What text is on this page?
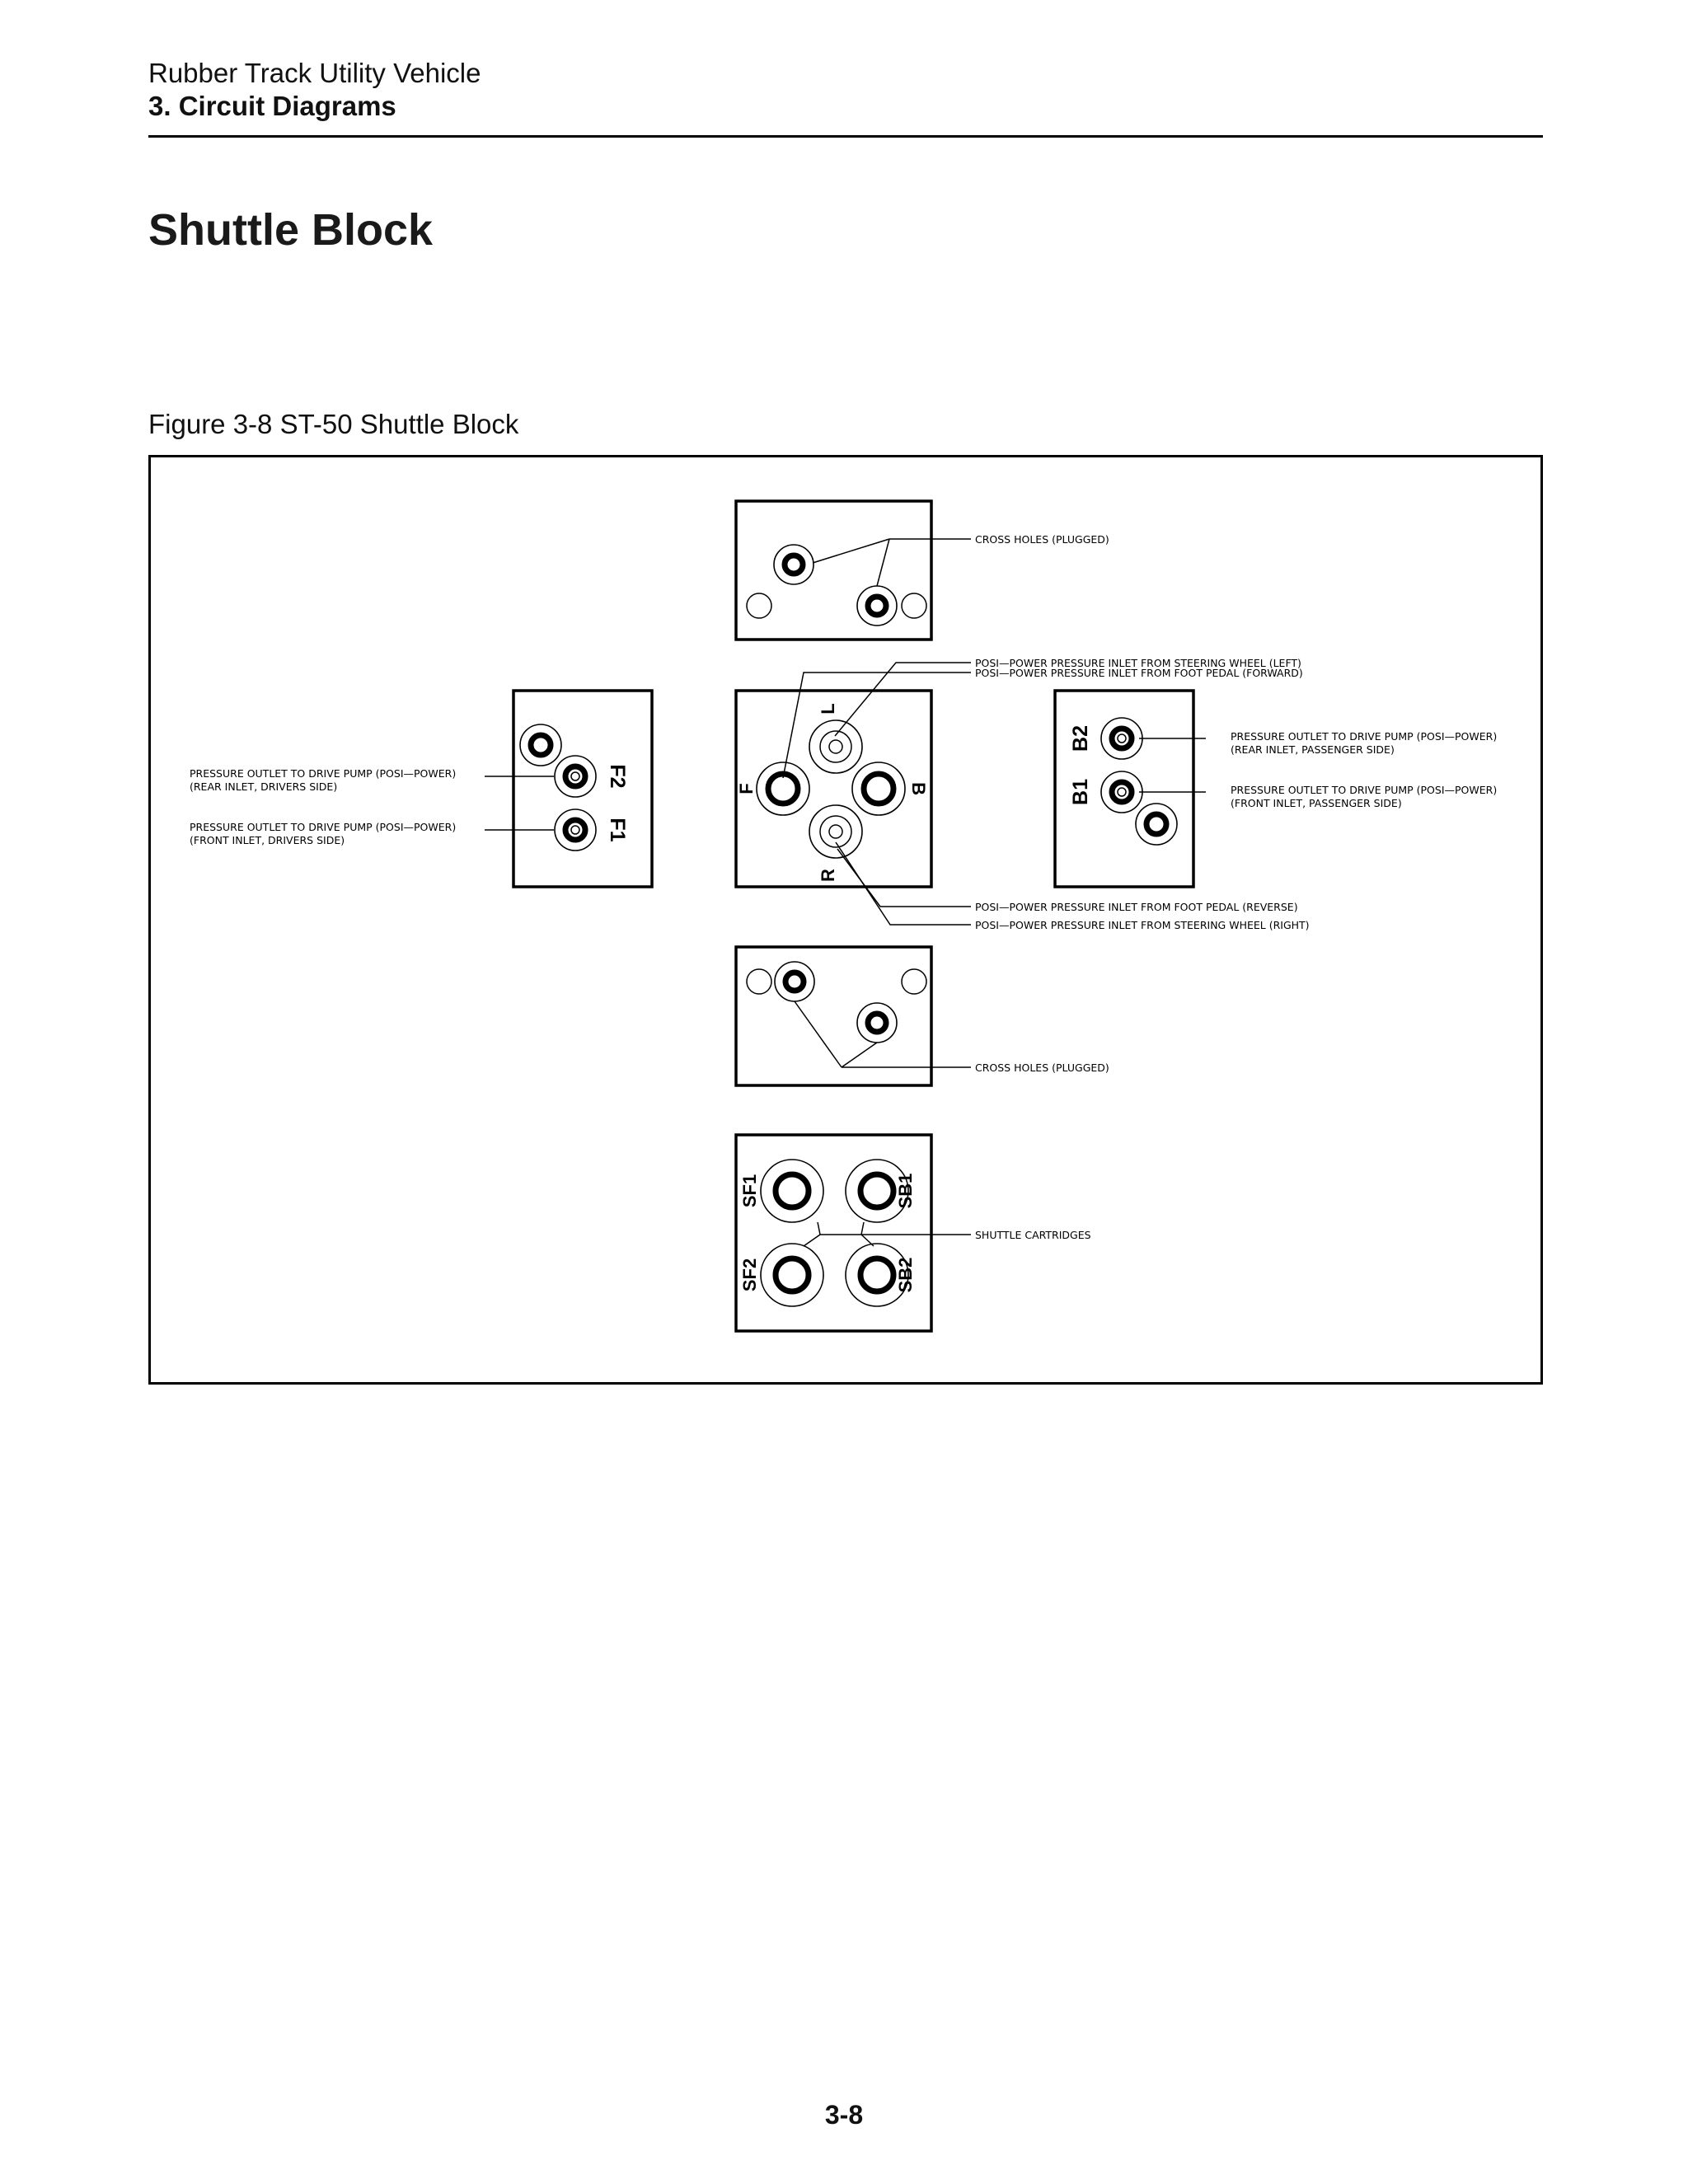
Rubber Track Utility Vehicle
3. Circuit Diagrams
Shuttle Block
Figure 3-8 ST-50 Shuttle Block
CROSS HOLES (PLUGGED)
F2
F1
PRESSURE OUTLET TO DRIVE PUMP (POSI—POWER)
(REAR INLET, DRIVERS SIDE)
PRESSURE OUTLET TO DRIVE PUMP (POSI—POWER)
(FRONT INLET, DRIVERS SIDE)
L
F	B
R
POSI—POWER PRESSURE INLET FROM STEERING WHEEL (LEFT)
POSI—POWER PRESSURE INLET FROM FOOT PEDAL (FORWARD)
POSI—POWER PRESSURE INLET FROM FOOT PEDAL (REVERSE)
POSI—POWER PRESSURE INLET FROM STEERING WHEEL (RIGHT)
B2
B1
PRESSURE OUTLET TO DRIVE PUMP (POSI—POWER)
(REAR INLET, PASSENGER SIDE)
PRESSURE OUTLET TO DRIVE PUMP (POSI—POWER)
(FRONT INLET, PASSENGER SIDE)
CROSS HOLES (PLUGGED)
SF1	SB1
SF2	SB2
SHUTTLE CARTRIDGES
3-8
